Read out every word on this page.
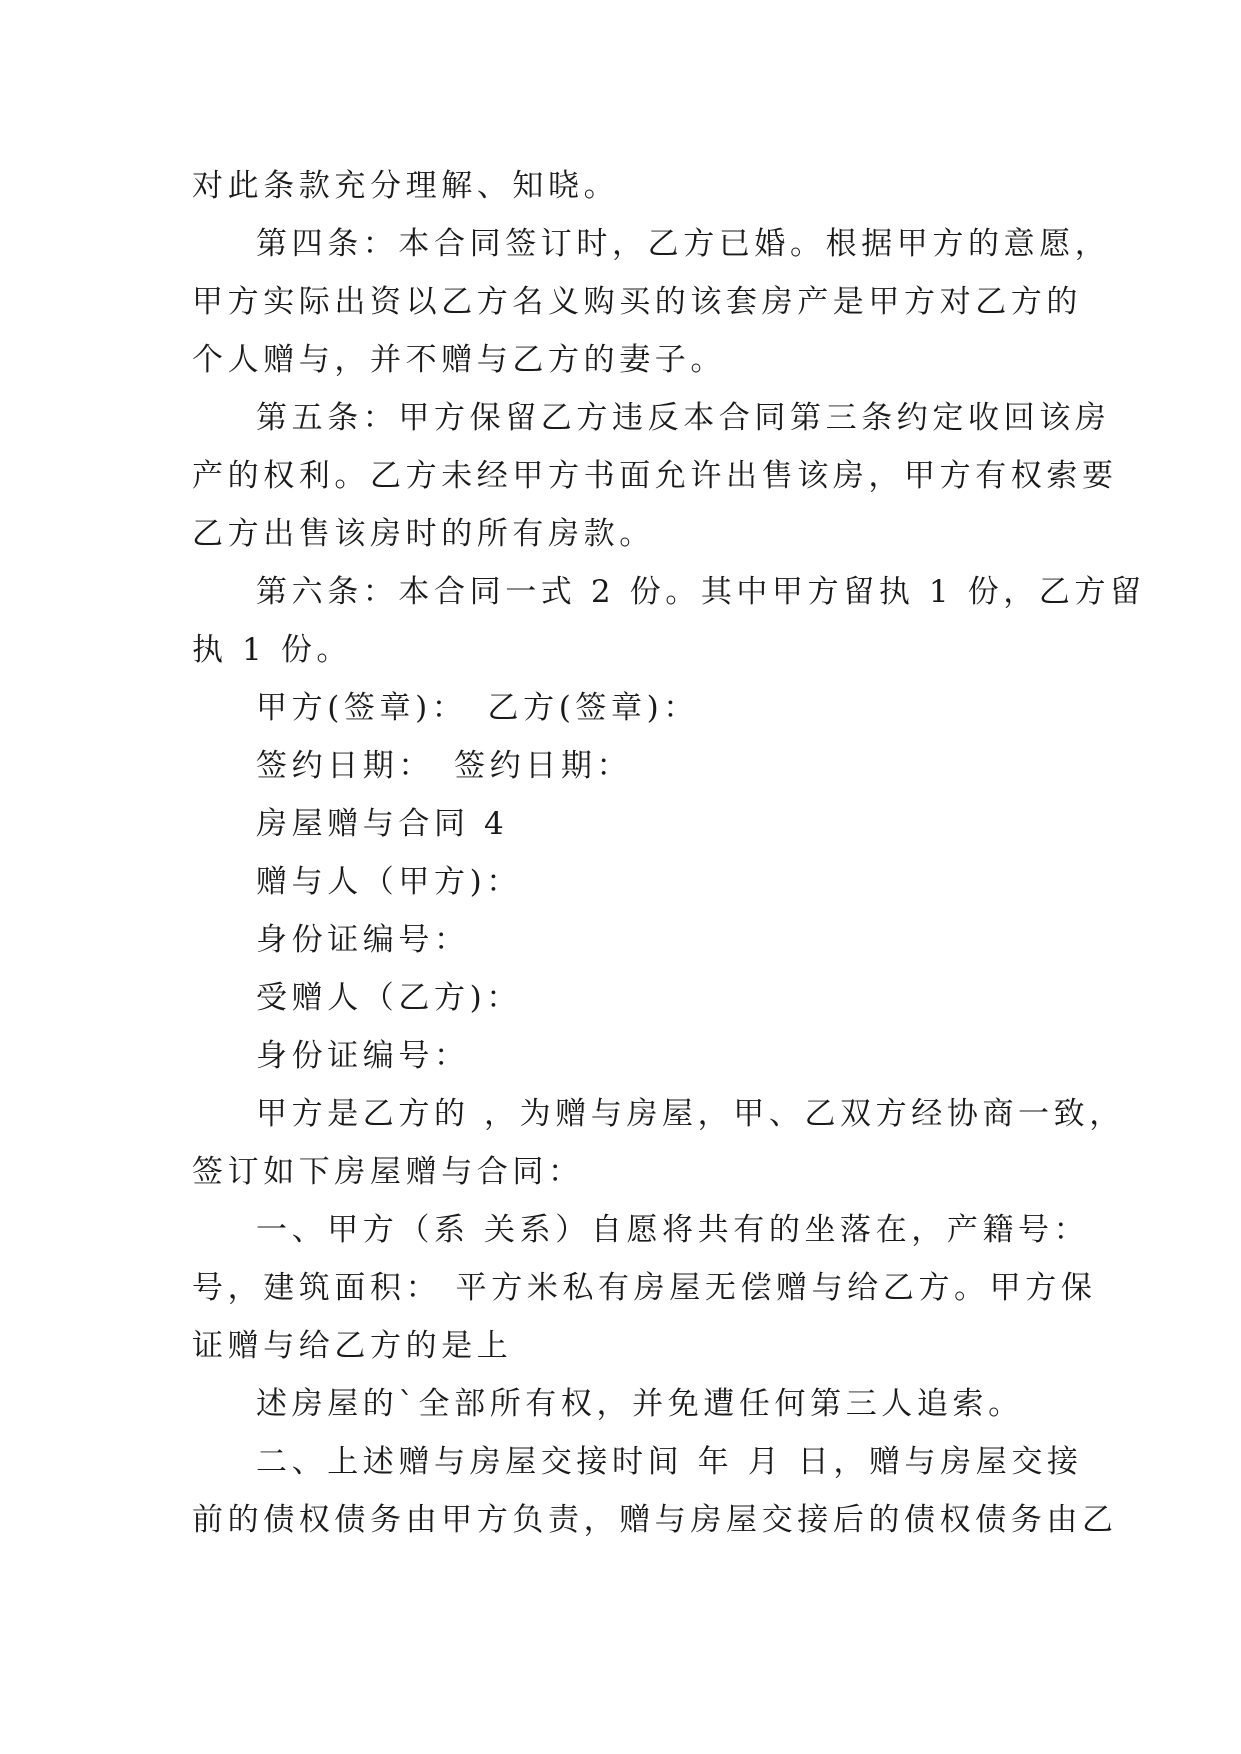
对此条款充分理解、知晓。
第四条：本合同签订时，乙方已婚。根据甲方的意愿，
甲方实际出资以乙方名义购买的该套房产是甲方对乙方的
个人赠与，并不赠与乙方的妻子。
第五条：甲方保留乙方违反本合同第三条约定收回该房
产的权利。乙方未经甲方书面允许出售该房，甲方有权索要
乙方出售该房时的所有房款。
第六条：本合同一式 2 份。其中甲方留执 1 份，乙方留
执 1 份。
甲方(签章)：　乙方(签章)：
签约日期：　签约日期：
房屋赠与合同 4
赠与人（甲方)：
身份证编号：
受赠人（乙方)：
身份证编号：
甲方是乙方的 ，为赠与房屋，甲、乙双方经协商一致，
签订如下房屋赠与合同：
一、甲方（系 关系）自愿将共有的坐落在，产籍号：
号，建筑面积： 平方米私有房屋无偿赠与给乙方。甲方保
证赠与给乙方的是上
述房屋的`全部所有权，并免遭任何第三人追索。
二、上述赠与房屋交接时间 年 月 日，赠与房屋交接
前的债权债务由甲方负责，赠与房屋交接后的债权债务由乙
